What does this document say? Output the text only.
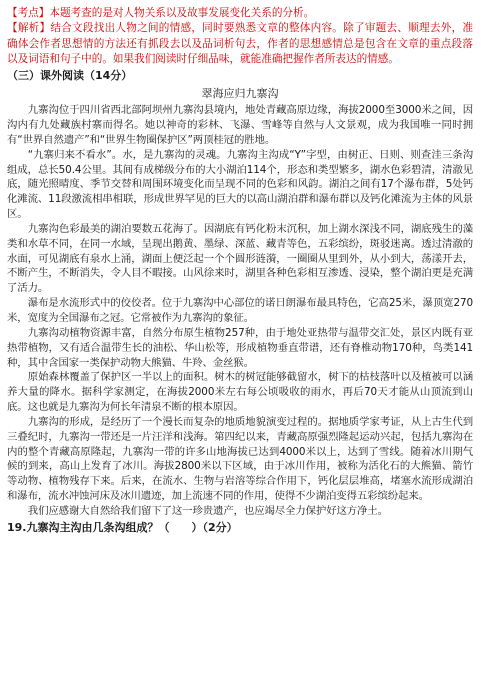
【考点】本题考查的是对人物关系以及故事发展变化关系的分析。

【解析】结合文段找出人物之间的情感，同时要熟悉文章的整体内容。除了审题去、顺理去外，准确体会作者思想情的方法还有抓段去以及品词析句去，作者的思想感情总是包含在文章的重点段落以及词语和句子中的。如果我们阅读时仔细品味，就能准确把握作者所表达的情感。

（三）课外阅读（14分）
翠海应归九寨沟

九寨沟位于四川省西北部阿坝州九寨沟县境内，地处青藏高原边缘，海拔2000至3000米之间，因沟内有九处藏族村寨而得名。她以神奇的彩林、飞瀑、雪峰等自然与人文景观，成为我国唯一同时拥有“世界自然遗产”和“世界生物圈保护区”两顶桂冠的胜地。

“九寨归来不看水”。水，是九寨沟的灵魂。九寨沟主沟成“Y”字型，由树正、日则、则查洼三条沟组成，总长50.4公里。其间有成梯级分布的大小湖泊114个，形态和类型繁多，湖水色彩碧清，清澈见底，随光照晴度、季节交替和周围环境变化而呈现不同的色彩和风韵。湖泊之间有17个瀑布群，5处钙化滩流、11段激流相串相联，形成世界罕见的巨大的以高山湖泊群和瀑布群以及钙化滩流为主体的风景区。

九寨沟色彩最美的湖泊要数五花海了。因湖底有钙化粉末沉积，加上湖水深浅不同，湖底残生的藻类和水草不同，在同一水域，呈现出鹅黄、墨绿、深蓝、藏青等色，五彩缤纷，斑驳迷离。透过清澈的水面，可见湖底有泉水上涌，湖面上便泛起一个个圆形涟漪，一圈圈从里到外，从小到大，荡漾开去，不断产生，不断消失，令人目不暇接。山风徐来时，湖里各种色彩相互渗透、浸染，整个湖泊更是充满了活力。

瀑布是水流形式中的佼佼者。位于九寨沟中心部位的诺日朗瀑布最具特色，它高25米，瀑顶宽270米，宽度为全国瀑布之冠。它常被作为九寨沟的象征。

九寨沟动植物资源丰富，自然分布原生植物257种，由于地处亚热带与温带交汇处，景区内既有亚热带植物，又有适合温带生长的油松、华山松等，形成植物垂直带谱，还有脊椎动物170种，鸟类141种，其中含国家一类保护动物大熊猫、牛羚、金丝猴。

原始森林覆盖了保护区一半以上的面积。树木的树冠能够截留水，树下的枯枝落叶以及植被可以涵养大量的降水。据科学家测定，在海拔2000米左右每公顷吸收的雨水，再后70天才能从山顶流到山底。这也就是九寨沟为何长年清泉不断的根本原因。

九寨沟的形成，是经历了一个漫长而复杂的地质地貌演变过程的。据地质学家考证，从上古生代到三叠纪时，九寨沟一带还是一片汪洋和浅海。第四纪以来，青藏高原强烈隆起运动兴起，包括九寨沟在内的整个青藏高原隆起，九寨沟一带的许多山地海拔已达到4000米以上，达到了雪线。随着冰川期气候的到来，高山上发育了冰川。海拔2800米以下区域，由于冰川作用，被称为活化石的大熊猫、箭竹等动物、植物残存下来。后来，在流水、生物与岩溶等综合作用下，钙化层层堆高，堵塞水流形成湖泊和瀑布，流水冲蚀河床及冰川遗迹，加上流速不同的作用，使得不少湖泊变得五彩缤纷起来。

我们应感谢大自然给我们留下了这一珍贵遗产，也应竭尽全力保护好这方净土。

19.九寨沟主沟由几条沟组成？（　　）（2分）
